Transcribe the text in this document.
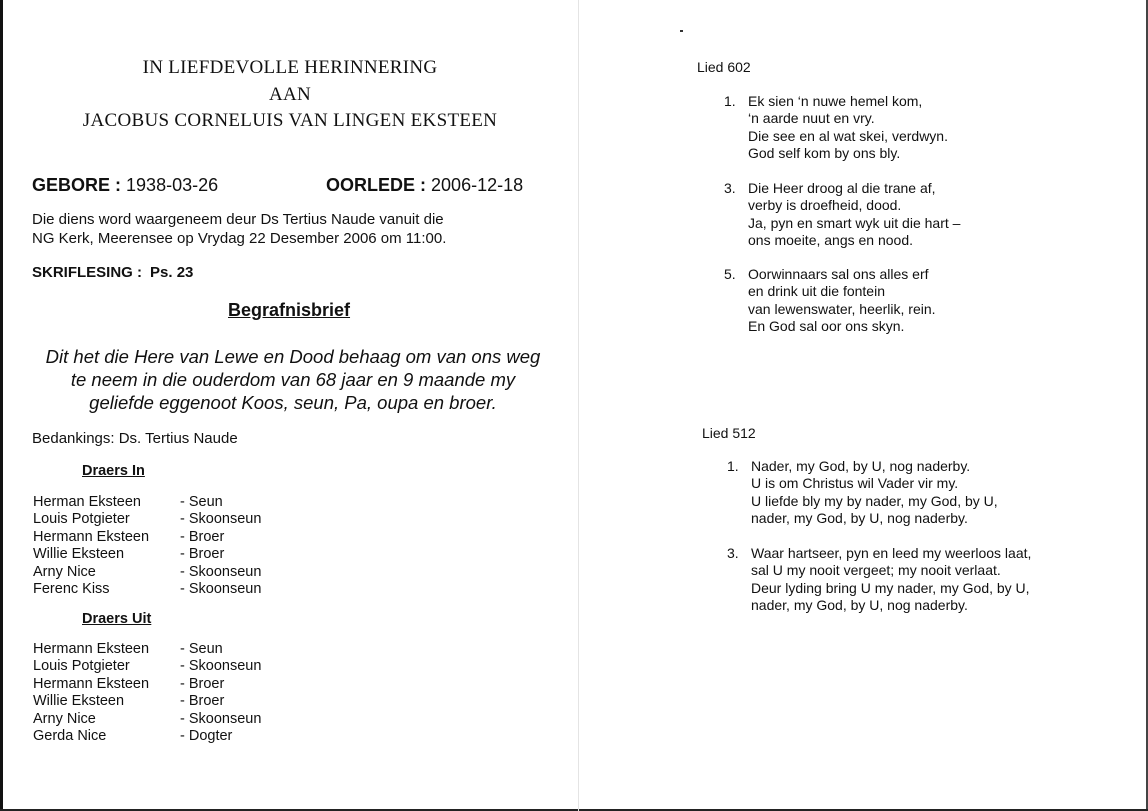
IN LIEFDEVOLLE HERINNERING
AAN
JACOBUS CORNELUIS VAN LINGEN EKSTEEN
GEBORE : 1938-03-26	OORLEDE : 2006-12-18
Die diens word waargeneem deur Ds Tertius Naude vanuit die
NG Kerk, Meerensee op Vrydag 22 Desember 2006 om 11:00.
SKRIFLESING : Ps. 23
Begrafnisbrief
Dit het die Here van Lewe en Dood behaag om van ons weg
te neem in die ouderdom van 68 jaar en 9 maande my
geliefde eggenoot Koos, seun, Pa, oupa en broer.
Bedankings: Ds. Tertius Naude
Draers In
Herman Eksteen	- Seun
Louis Potgieter	- Skoonseun
Hermann Eksteen	- Broer
Willie Eksteen	- Broer
Arny Nice	- Skoonseun
Ferenc Kiss	- Skoonseun
Draers Uit
Hermann Eksteen	- Seun
Louis Potgieter	- Skoonseun
Hermann Eksteen	- Broer
Willie Eksteen	- Broer
Arny Nice	- Skoonseun
Gerda Nice	- Dogter
Lied 602
1. Ek sien ‘n nuwe hemel kom,
‘n aarde nuut en vry.
Die see en al wat skei, verdwyn.
God self kom by ons bly.
3. Die Heer droog al die trane af,
verby is droefheid, dood.
Ja, pyn en smart wyk uit die hart –
ons moeite, angs en nood.
5. Oorwinnaars sal ons alles erf
en drink uit die fontein
van lewenswater, heerlik, rein.
En God sal oor ons skyn.
Lied 512
1. Nader, my God, by U, nog naderby.
U is om Christus wil Vader vir my.
U liefde bly my by nader, my God, by U,
nader, my God, by U, nog naderby.
3. Waar hartseer, pyn en leed my weerloos laat,
sal U my nooit vergeet; my nooit verlaat.
Deur lyding bring U my nader, my God, by U,
nader, my God, by U, nog naderby.
